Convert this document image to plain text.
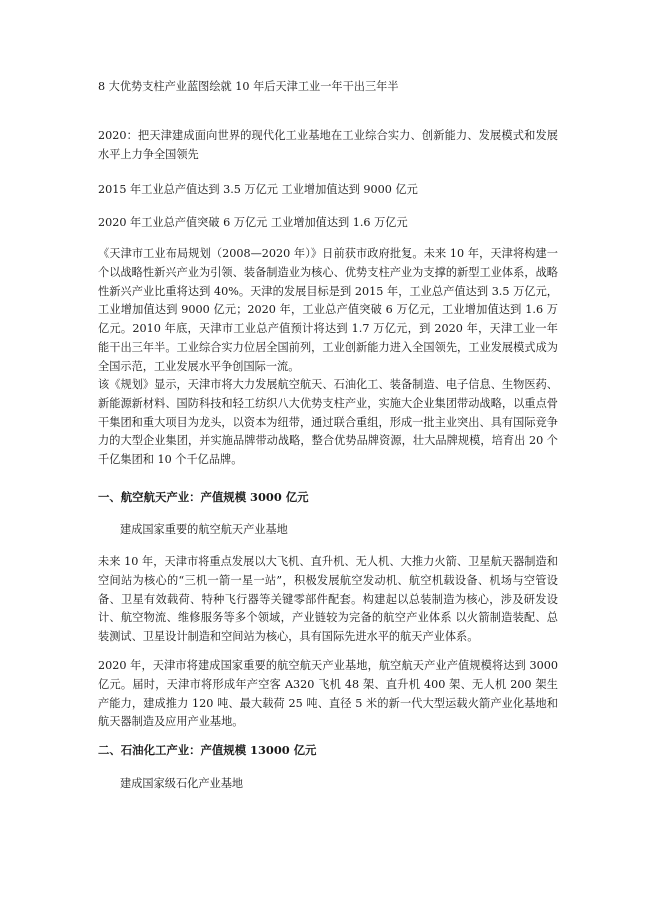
8 大优势支柱产业蓝图绘就 10 年后天津工业一年干出三年半

2020：把天津建成面向世界的现代化工业基地在工业综合实力、创新能力、发展模式和发展水平上力争全国领先

2015 年工业总产值达到 3.5 万亿元 工业增加值达到 9000 亿元

2020 年工业总产值突破 6 万亿元 工业增加值达到 1.6 万亿元

《天津市工业布局规划（2008—2020 年）》日前获市政府批复。未来 10 年，天津将构建一个以战略性新兴产业为引领、装备制造业为核心、优势支柱产业为支撑的新型工业体系，战略性新兴产业比重将达到 40%。天津的发展目标是到 2015 年，工业总产值达到 3.5 万亿元，工业增加值达到 9000 亿元；2020 年，工业总产值突破 6 万亿元，工业增加值达到 1.6 万亿元。2010 年底，天津市工业总产值预计将达到 1.7 万亿元，到 2020 年，天津工业一年能干出三年半。工业综合实力位居全国前列，工业创新能力进入全国领先，工业发展模式成为全国示范，工业发展水平争创国际一流。

该《规划》显示，天津市将大力发展航空航天、石油化工、装备制造、电子信息、生物医药、新能源新材料、国防科技和轻工纺织八大优势支柱产业，实施大企业集团带动战略，以重点骨干集团和重大项目为龙头，以资本为纽带，通过联合重组，形成一批主业突出、具有国际竞争力的大型企业集团，并实施品牌带动战略，整合优势品牌资源，壮大品牌规模，培育出 20 个千亿集团和 10 个千亿品牌。

一、航空航天产业：产值规模 3000 亿元

建成国家重要的航空航天产业基地

未来 10 年，天津市将重点发展以大飞机、直升机、无人机、大推力火箭、卫星航天器制造和空间站为核心的“三机一箭一星一站”，积极发展航空发动机、航空机载设备、机场与空管设备、卫星有效载荷、特种飞行器等关键零部件配套。构建起以总装制造为核心，涉及研发设计、航空物流、维修服务等多个领域，产业链较为完备的航空产业体系 以火箭制造装配、总装测试、卫星设计制造和空间站为核心，具有国际先进水平的航天产业体系。

2020 年，天津市将建成国家重要的航空航天产业基地，航空航天产业产值规模将达到 3000 亿元。届时，天津市将形成年产空客 A320 飞机 48 架、直升机 400 架、无人机 200 架生产能力，建成推力 120 吨、最大载荷 25 吨、直径 5 米的新一代大型运载火箭产业化基地和航天器制造及应用产业基地。

二、石油化工产业：产值规模 13000 亿元

建成国家级石化产业基地
